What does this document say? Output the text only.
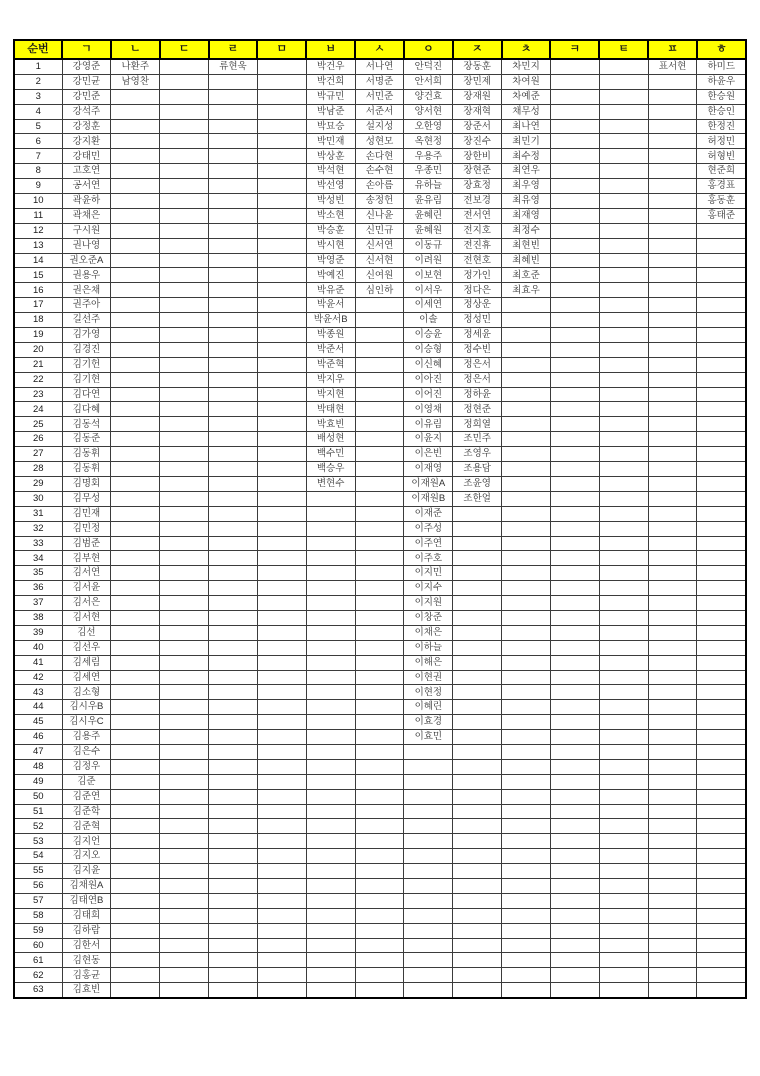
순번	ㄱ	ㄴ	ㄷ	ㄹ	ㅁ	ㅂ	ㅅ	ㅇ	ㅈ	ㅊ	ㅋ	ㅌ	ㅍ	ㅎ
1	강영준	나환주		류현욱		박건우	서나연	안덕진	장동훈	차민지			표서현	하미드
2	강민균	남영찬				박건희	서명준	안서희	장민제	차여원				하윤우
3	강민준					박규민	서민준	양건효	장재원	차예준				한승원
4	강석주					박남준	서준서	양서현	장재혁	채무성				한승인
5	강정훈					박묘승	설지성	오한영	장준서	최나연				한정진
6	강지환					박민재	성현모	옥현정	장진수	최민기				허정민
7	강태민					박상훈	손다현	우용주	장한비	최수정				허형빈
8	고호연					박석현	손수현	우종민	장현준	최연우				현준희
9	공서연					박선영	손아름	유하늘	장효정	최우영				홍경표
10	곽윤하					박성빈	송정헌	윤유림	전보경	최유영				홍동훈
11	곽채은					박소현	신나윤	윤혜린	전서연	최재영				홍태준
12	구시원					박승훈	신민규	윤혜원	전지호	최정수				
13	권나영					박시현	신서연	이동규	전진휴	최현빈				
14	권오준A					박영준	신서현	이려원	전현호	최혜빈				
15	권용우					박예진	신여원	이보현	정가인	최호준				
16	권은채					박유준	심인하	이서우	정다은	최효우				
17	권주아					박윤서		이세연	정상운					
18	길선주					박윤서B		이솔	정성민					
19	김가영					박종원		이승윤	정세윤					
20	김경진					박준서		이승형	정수빈					
21	김기헌					박준혁		이신혜	정은서					
22	김기현					박지우		이아진	정은서					
23	김다연					박지현		이어진	정하윤					
24	김다혜					박태현		이영채	정현준					
25	김동석					박효빈		이유림	정희열					
26	김동준					배성현		이윤지	조민주					
27	김동휘					백수민		이은빈	조영우					
28	김동휘					백승우		이재영	조용담					
29	김명회					변현수		이재원A	조윤영					
30	김무성							이재원B	조한얼					
31	김민재							이재준						
32	김민정							이주성						
33	김범준							이주연						
34	김부현							이주호						
35	김서연							이지민						
36	김서윤							이지수						
37	김서은							이지원						
38	김서현							이창준						
39	김선							이채은						
40	김선우							이하늘						
41	김세림							이해은						
42	김세연							이현권						
43	김소형							이현정						
44	김시우B							이혜린						
45	김시우C							이효경						
46	김용주							이효민						
47	김은수													
48	김정우													
49	김준													
50	김준연													
51	김준학													
52	김준혁													
53	김지언													
54	김지오													
55	김지윤													
56	김채원A													
57	김태연B													
58	김태희													
59	김하람													
60	김한서													
61	김현동													
62	김홍균													
63	김효빈													
